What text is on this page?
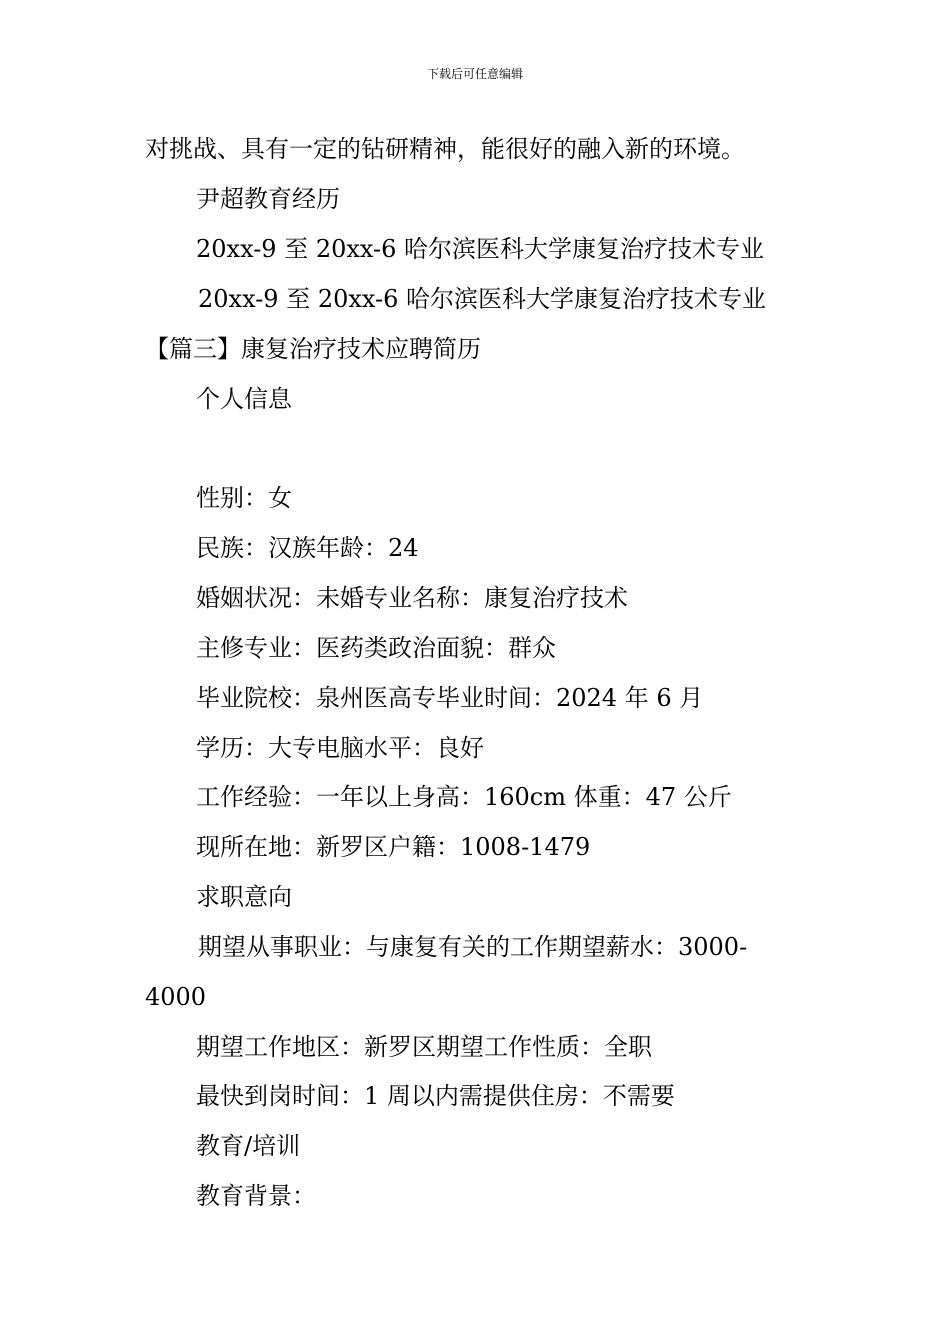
下载后可任意编辑

对挑战、具有一定的钻研精神，能很好的融入新的环境。

尹超教育经历

20xx-9 至 20xx-6 哈尔滨医科大学康复治疗技术专业

20xx-9 至 20xx-6 哈尔滨医科大学康复治疗技术专业

【篇三】康复治疗技术应聘简历

个人信息

性别：女

民族：汉族年龄：24

婚姻状况：未婚专业名称：康复治疗技术

主修专业：医药类政治面貌：群众

毕业院校：泉州医高专毕业时间：2024 年 6 月

学历：大专电脑水平：良好

工作经验：一年以上身高：160cm 体重：47 公斤

现所在地：新罗区户籍：1008-1479

求职意向

期望从事职业：与康复有关的工作期望薪水：3000-

4000

期望工作地区：新罗区期望工作性质：全职

最快到岗时间：1 周以内需提供住房：不需要

教育/培训

教育背景：
